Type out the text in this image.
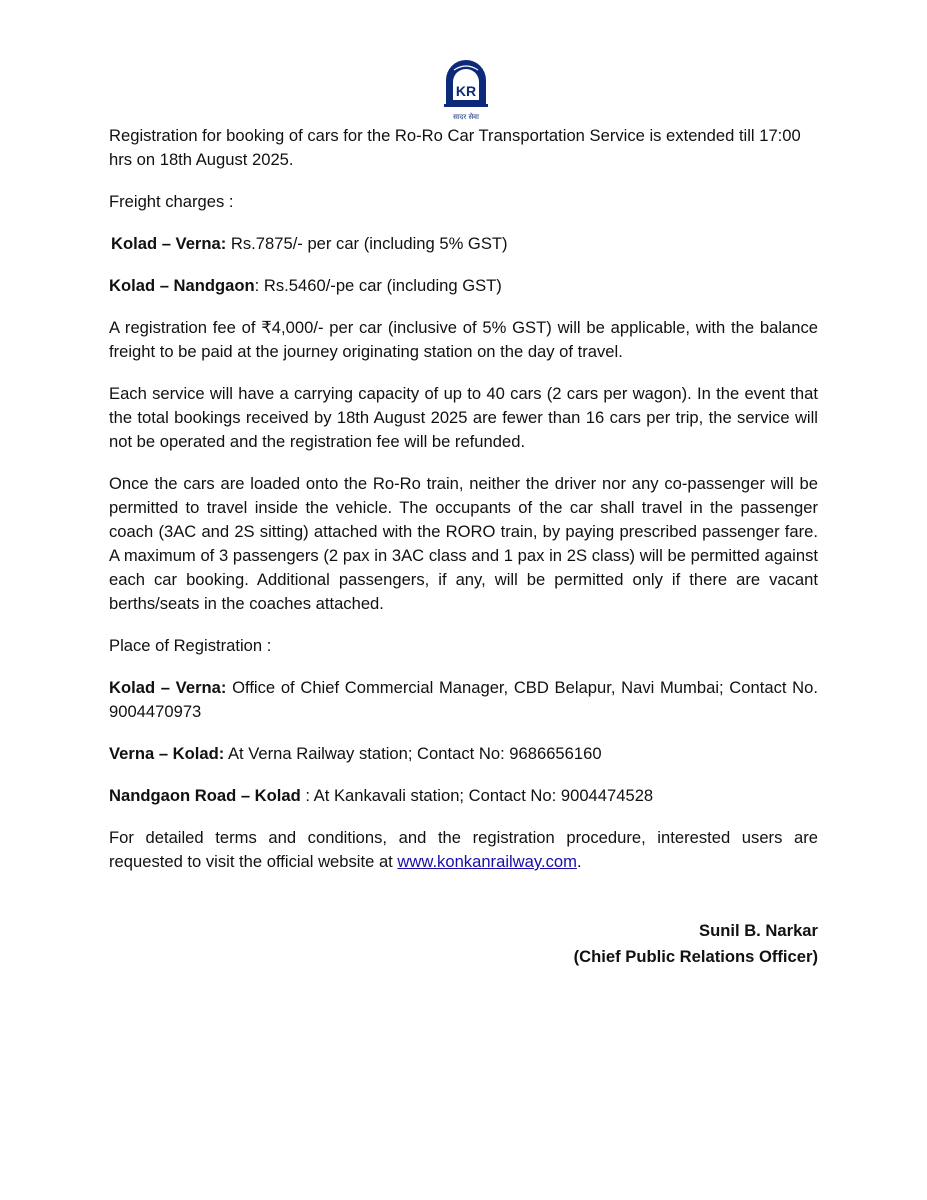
KR
सादर सेवा

Registration for booking of cars for the Ro-Ro Car Transportation Service is extended till 17:00 hrs on 18th August 2025.

Freight charges :

Kolad – Verna: Rs.7875/- per car (including 5% GST)

Kolad – Nandgaon: Rs.5460/-pe car (including GST)

A registration fee of ₹4,000/- per car (inclusive of 5% GST) will be applicable, with the balance freight to be paid at the journey originating station on the day of travel.

Each service will have a carrying capacity of up to 40 cars (2 cars per wagon). In the event that the total bookings received by 18th August 2025 are fewer than 16 cars per trip, the service will not be operated and the registration fee will be refunded.

Once the cars are loaded onto the Ro-Ro train, neither the driver nor any co-passenger will be permitted to travel inside the vehicle. The occupants of the car shall travel in the passenger coach (3AC and 2S sitting) attached with the RORO train, by paying prescribed passenger fare. A maximum of 3 passengers (2 pax in 3AC class and 1 pax in 2S class) will be permitted against each car booking. Additional passengers, if any, will be permitted only if there are vacant berths/seats in the coaches attached.

Place of Registration :

Kolad – Verna: Office of Chief Commercial Manager, CBD Belapur, Navi Mumbai; Contact No. 9004470973

Verna – Kolad: At Verna Railway station; Contact No: 9686656160

Nandgaon Road – Kolad : At Kankavali station; Contact No: 9004474528

For detailed terms and conditions, and the registration procedure, interested users are requested to visit the official website at www.konkanrailway.com.

Sunil B. Narkar
(Chief Public Relations Officer)
